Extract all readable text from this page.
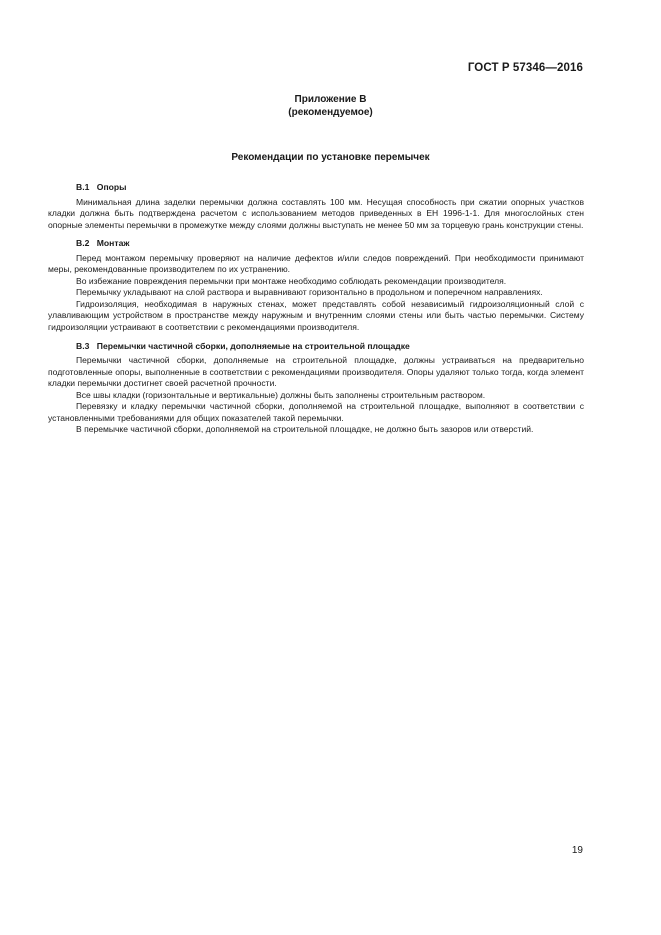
ГОСТ Р 57346—2016
Приложение В
(рекомендуемое)
Рекомендации по установке перемычек
В.1 Опоры

Минимальная длина заделки перемычки должна составлять 100 мм. Несущая способность при сжатии опорных участков кладки должна быть подтверждена расчетом с использованием методов приведенных в ЕН 1996-1-1. Для многослойных стен опорные элементы перемычки в промежутке между слоями должны выступать не менее 50 мм за торцевую грань конструкции стены.

В.2 Монтаж

Перед монтажом перемычку проверяют на наличие дефектов и/или следов повреждений. При необходимости принимают меры, рекомендованные производителем по их устранению.

Во избежание повреждения перемычки при монтаже необходимо соблюдать рекомендации производителя.

Перемычку укладывают на слой раствора и выравнивают горизонтально в продольном и поперечном направлениях.

Гидроизоляция, необходимая в наружных стенах, может представлять собой независимый гидроизоляционный слой с улавливающим устройством в пространстве между наружным и внутренним слоями стены или быть частью перемычки. Систему гидроизоляции устраивают в соответствии с рекомендациями производителя.

В.3 Перемычки частичной сборки, дополняемые на строительной площадке

Перемычки частичной сборки, дополняемые на строительной площадке, должны устраиваться на предварительно подготовленные опоры, выполненные в соответствии с рекомендациями производителя. Опоры удаляют только тогда, когда элемент кладки перемычки достигнет своей расчетной прочности.

Все швы кладки (горизонтальные и вертикальные) должны быть заполнены строительным раствором.

Перевязку и кладку перемычки частичной сборки, дополняемой на строительной площадке, выполняют в соответствии с установленными требованиями для общих показателей такой перемычки.

В перемычке частичной сборки, дополняемой на строительной площадке, не должно быть зазоров или отверстий.

19
